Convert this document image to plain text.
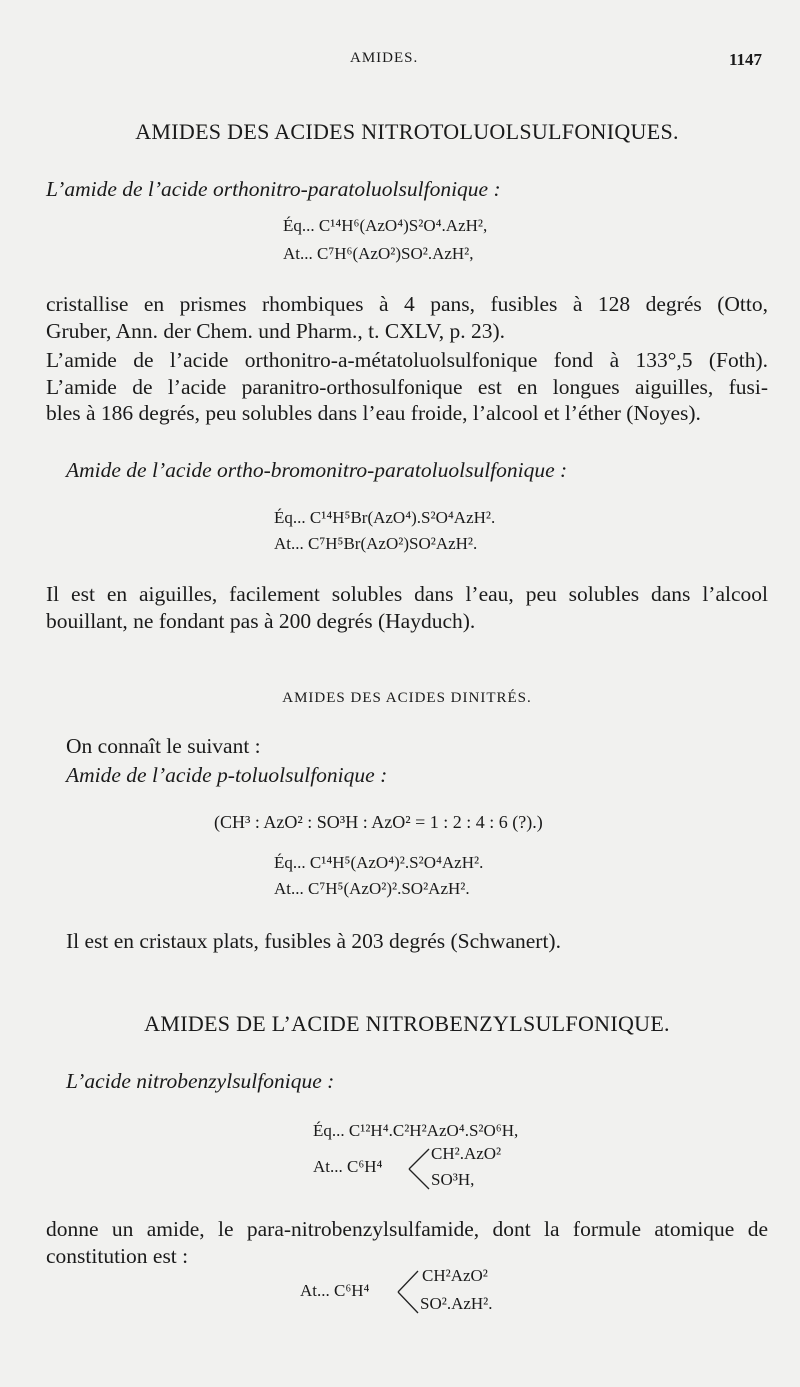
AMIDES.	1147
AMIDES DES ACIDES NITROTOLUOLSULFONIQUES.
L’amide de l’acide orthonitro-paratoluolsulfonique :
Éq... C¹⁴H⁶(AzO⁴)S²O⁴.AzH²,
At... C⁷H⁶(AzO²)SO².AzH²,
cristallise en prismes rhombiques à 4 pans, fusibles à 128 degrés (Otto,
Gruber, Ann. der Chem. und Pharm., t. CXLV, p. 23).
L’amide de l’acide orthonitro-a-métatoluolsulfonique fond à 133°,5 (Foth).
L’amide de l’acide paranitro-orthosulfonique est en longues aiguilles, fusi-
bles à 186 degrés, peu solubles dans l’eau froide, l’alcool et l’éther (Noyes).
Amide de l’acide ortho-bromonitro-paratoluolsulfonique :
Éq... C¹⁴H⁵Br(AzO⁴).S²O⁴AzH².
At... C⁷H⁵Br(AzO²)SO²AzH².
Il est en aiguilles, facilement solubles dans l’eau, peu solubles dans l’alcool
bouillant, ne fondant pas à 200 degrés (Hayduch).
AMIDES DES ACIDES DINITRÉS.
On connaît le suivant :
Amide de l’acide p-toluolsulfonique :
(CH³ : AzO² : SO³H : AzO² = 1 : 2 : 4 : 6 (?).)
Éq... C¹⁴H⁵(AzO⁴)².S²O⁴AzH².
At... C⁷H⁵(AzO²)².SO²AzH².
Il est en cristaux plats, fusibles à 203 degrés (Schwanert).
AMIDES DE L’ACIDE NITROBENZYLSULFONIQUE.
L’acide nitrobenzylsulfonique :
Éq... C¹²H⁴.C²H²AzO⁴.S²O⁶H,
At... C⁶H⁴
CH².AzO²
SO³H,
donne un amide, le para-nitrobenzylsulfamide, dont la formule atomique de
constitution est :
At... C⁶H⁴
CH²AzO²
SO².AzH².
